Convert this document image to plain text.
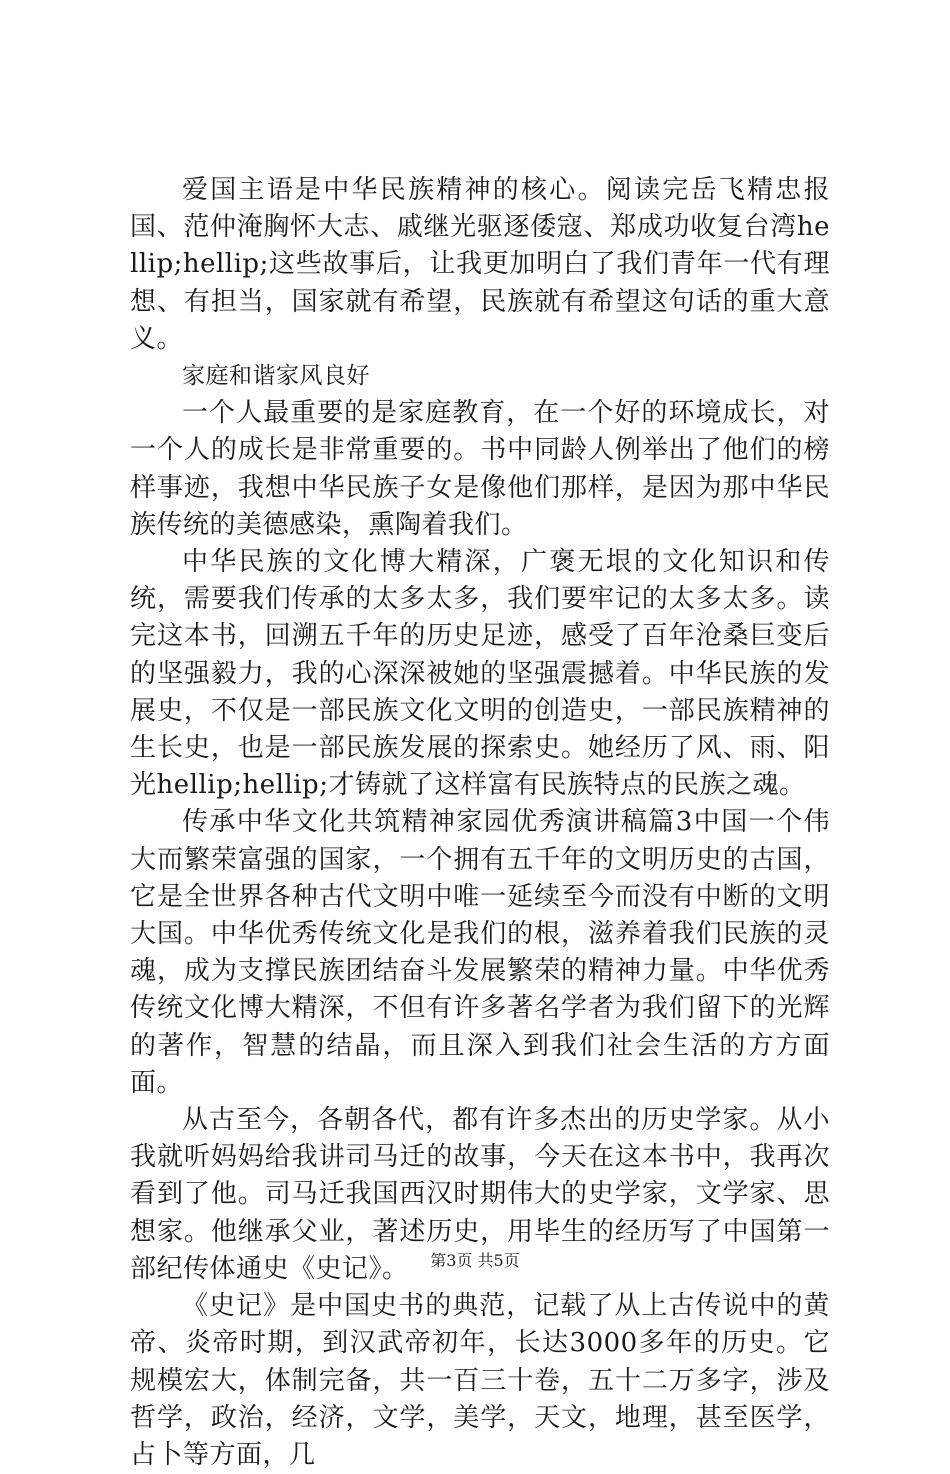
爱国主语是中华民族精神的核心。阅读完岳飞精忠报国、范仲淹胸怀大志、戚继光驱逐倭寇、郑成功收复台湾hellip;hellip;这些故事后，让我更加明白了我们青年一代有理想、有担当，国家就有希望，民族就有希望这句话的重大意义。

家庭和谐家风良好

一个人最重要的是家庭教育，在一个好的环境成长，对一个人的成长是非常重要的。书中同龄人例举出了他们的榜样事迹，我想中华民族子女是像他们那样，是因为那中华民族传统的美德感染，熏陶着我们。

中华民族的文化博大精深，广褒无垠的文化知识和传统，需要我们传承的太多太多，我们要牢记的太多太多。读完这本书，回溯五千年的历史足迹，感受了百年沧桑巨变后的坚强毅力，我的心深深被她的坚强震撼着。中华民族的发展史，不仅是一部民族文化文明的创造史，一部民族精神的生长史，也是一部民族发展的探索史。她经历了风、雨、阳光hellip;hellip;才铸就了这样富有民族特点的民族之魂。

传承中华文化共筑精神家园优秀演讲稿篇3中国一个伟大而繁荣富强的国家，一个拥有五千年的文明历史的古国，它是全世界各种古代文明中唯一延续至今而没有中断的文明大国。中华优秀传统文化是我们的根，滋养着我们民族的灵魂，成为支撑民族团结奋斗发展繁荣的精神力量。中华优秀传统文化博大精深，不但有许多著名学者为我们留下的光辉的著作，智慧的结晶，而且深入到我们社会生活的方方面面。

从古至今，各朝各代，都有许多杰出的历史学家。从小我就听妈妈给我讲司马迁的故事，今天在这本书中，我再次看到了他。司马迁我国西汉时期伟大的史学家，文学家、思想家。他继承父业，著述历史，用毕生的经历写了中国第一部纪传体通史《史记》。

《史记》是中国史书的典范，记载了从上古传说中的黄帝、炎帝时期，到汉武帝初年，长达3000多年的历史。它规模宏大，体制完备，共一百三十卷，五十二万多字，涉及哲学，政治，经济，文学，美学，天文，地理，甚至医学，占卜等方面，几

第3页 共5页
